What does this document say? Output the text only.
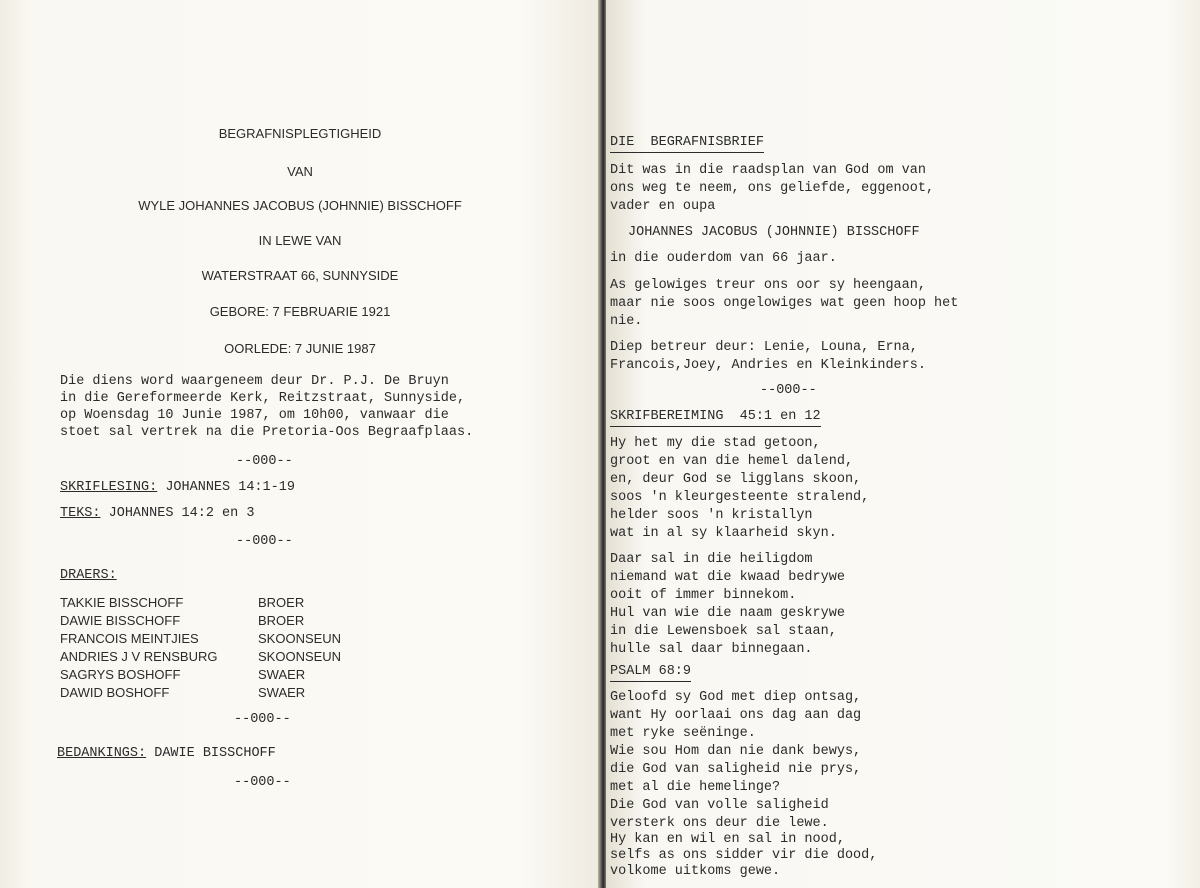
BEGRAFNISPLEGTIGHEID
VAN
WYLE JOHANNES JACOBUS (JOHNNIE) BISSCHOFF
IN LEWE VAN
WATERSTRAAT 66, SUNNYSIDE
GEBORE: 7 FEBRUARIE 1921
OORLEDE: 7 JUNIE 1987
Die diens word waargeneem deur Dr. P.J. De Bruyn
in die Gereformeerde Kerk, Reitzstraat, Sunnyside,
op Woensdag 10 Junie 1987, om 10h00, vanwaar die
stoet sal vertrek na die Pretoria-Oos Begraafplaas.
--000--
SKRIFLESING: JOHANNES 14:1-19
TEKS: JOHANNES 14:2 en 3
--000--
DRAERS:
TAKKIE BISSCHOFF	BROER
DAWIE BISSCHOFF	BROER
FRANCOIS MEINTJIES	SKOONSEUN
ANDRIES J V RENSBURG	SKOONSEUN
SAGRYS BOSHOFF	SWAER
DAWID BOSHOFF	SWAER
--000--
BEDANKINGS: DAWIE BISSCHOFF
--000--
DIE  BEGRAFNISBRIEF
Dit was in die raadsplan van God om van
ons weg te neem, ons geliefde, eggenoot,
vader en oupa
JOHANNES JACOBUS (JOHNNIE) BISSCHOFF
in die ouderdom van 66 jaar.
As gelowiges treur ons oor sy heengaan,
maar nie soos ongelowiges wat geen hoop het
nie.
Diep betreur deur: Lenie, Louna, Erna,
Francois,Joey, Andries en Kleinkinders.
--000--
SKRIFBEREIMING  45:1 en 12
Hy het my die stad getoon,
groot en van die hemel dalend,
en, deur God se ligglans skoon,
soos 'n kleurgesteente stralend,
helder soos 'n kristallyn
wat in al sy klaarheid skyn.
Daar sal in die heiligdom
niemand wat die kwaad bedrywe
ooit of immer binnekom.
Hul van wie die naam geskrywe
in die Lewensboek sal staan,
hulle sal daar binnegaan.
PSALM 68:9
Geloofd sy God met diep ontsag,
want Hy oorlaai ons dag aan dag
met ryke seëninge.
Wie sou Hom dan nie dank bewys,
die God van saligheid nie prys,
met al die hemelinge?
Die God van volle saligheid
versterk ons deur die lewe.
Hy kan en wil en sal in nood,
selfs as ons sidder vir die dood,
volkome uitkoms gewe.
